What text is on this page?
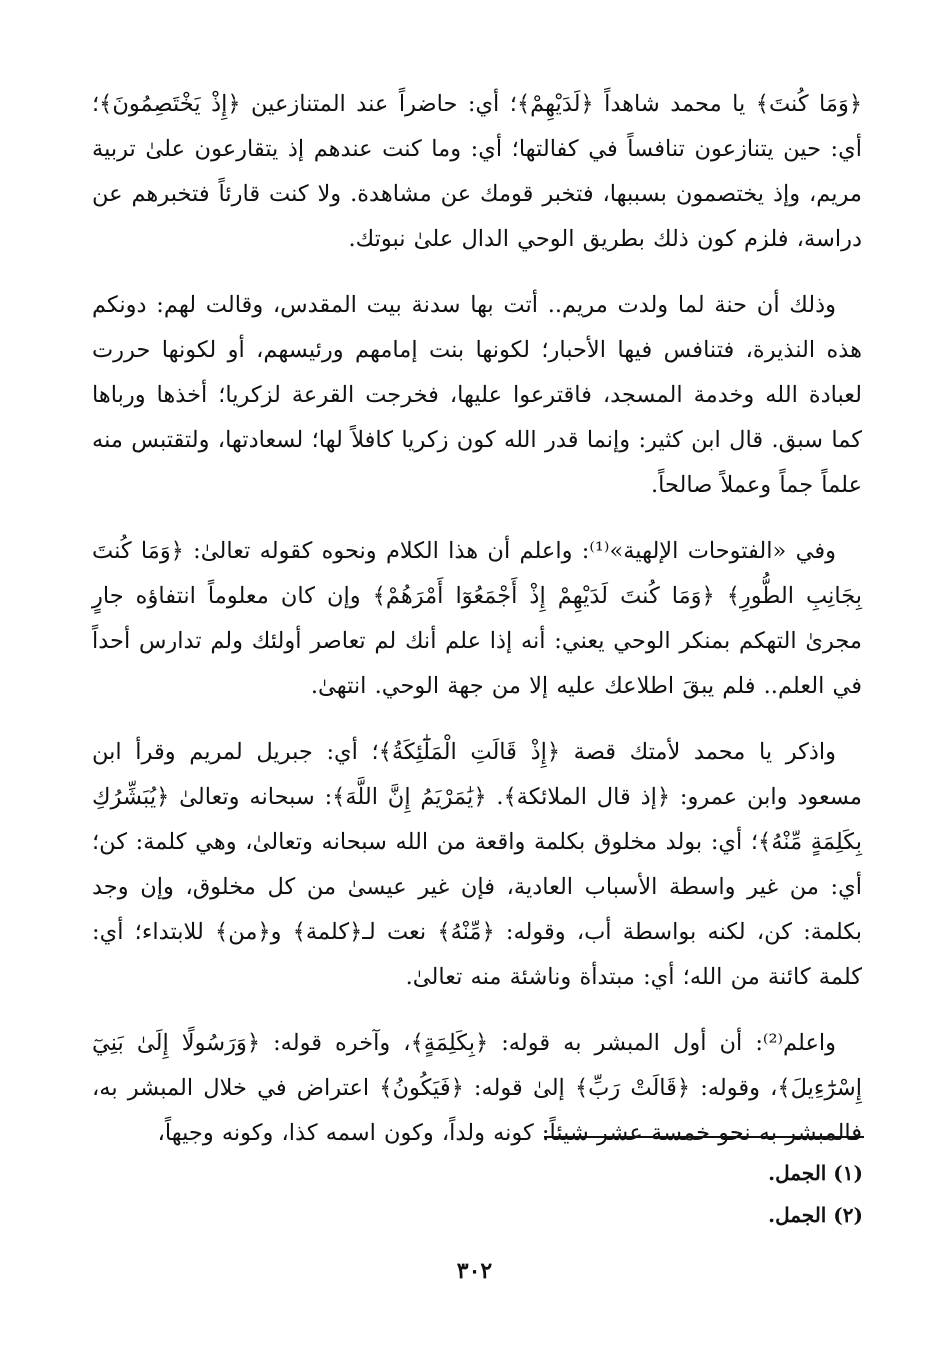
﴿وَمَا كُنتَ﴾ يا محمد شاهداً ﴿لَدَيْهِمْ﴾؛ أي: حاضراً عند المتنازعين ﴿إِذْ يَخْتَصِمُونَ﴾؛ أي: حين يتنازعون تنافساً في كفالتها؛ أي: وما كنت عندهم إذ يتقارعون علىٰ تربية مريم، وإذ يختصمون بسببها، فتخبر قومك عن مشاهدة. ولا كنت قارئاً فتخبرهم عن دراسة، فلزم كون ذلك بطريق الوحي الدال علىٰ نبوتك.

وذلك أن حنة لما ولدت مريم.. أتت بها سدنة بيت المقدس، وقالت لهم: دونكم هذه النذيرة، فتنافس فيها الأحبار؛ لكونها بنت إمامهم ورئيسهم، أو لكونها حررت لعبادة الله وخدمة المسجد، فاقترعوا عليها، فخرجت القرعة لزكريا؛ أخذها ورباها كما سبق. قال ابن كثير: وإنما قدر الله كون زكريا كافلاً لها؛ لسعادتها، ولتقتبس منه علماً جماً وعملاً صالحاً.

وفي «الفتوحات الإلهية»⁽¹⁾: واعلم أن هذا الكلام ونحوه كقوله تعالىٰ: ﴿وَمَا كُنتَ بِجَانِبِ الطُّورِ﴾ ﴿وَمَا كُنتَ لَدَيْهِمْ إِذْ أَجْمَعُوٓا أَمْرَهُمْ﴾ وإن كان معلوماً انتفاؤه جارٍ مجرىٰ التهكم بمنكر الوحي يعني: أنه إذا علم أنك لم تعاصر أولئك ولم تدارس أحداً في العلم.. فلم يبقَ اطلاعك عليه إلا من جهة الوحي. انتهىٰ.

واذكر يا محمد لأمتك قصة ﴿إِذْ قَالَتِ الْمَلَٰٓئِكَةُ﴾؛ أي: جبريل لمريم وقرأ ابن مسعود وابن عمرو: ﴿إذ قال الملائكة﴾. ﴿يَٰمَرْيَمُ إِنَّ اللَّهَ﴾: سبحانه وتعالىٰ ﴿يُبَشِّرُكِ بِكَلِمَةٍ مِّنْهُ﴾؛ أي: بولد مخلوق بكلمة واقعة من الله سبحانه وتعالىٰ، وهي كلمة: كن؛ أي: من غير واسطة الأسباب العادية، فإن غير عيسىٰ من كل مخلوق، وإن وجد بكلمة: كن، لكنه بواسطة أب، وقوله: ﴿مِّنْهُ﴾ نعت لـ﴿كلمة﴾ و﴿من﴾ للابتداء؛ أي: كلمة كائنة من الله؛ أي: مبتدأة وناشئة منه تعالىٰ.

واعلم⁽²⁾: أن أول المبشر به قوله: ﴿بِكَلِمَةٍ﴾، وآخره قوله: ﴿وَرَسُولًا إِلَىٰ بَنِيٓ إِسْرَٰٓءِيلَ﴾، وقوله: ﴿قَالَتْ رَبِّ﴾ إلىٰ قوله: ﴿فَيَكُونُ﴾ اعتراض في خلال المبشر به، فالمبشر به نحو خمسة عشر شيئاً: كونه ولداً، وكون اسمه كذا، وكونه وجيهاً،

(١) الجمل.
(٢) الجمل.
٣٠٢
